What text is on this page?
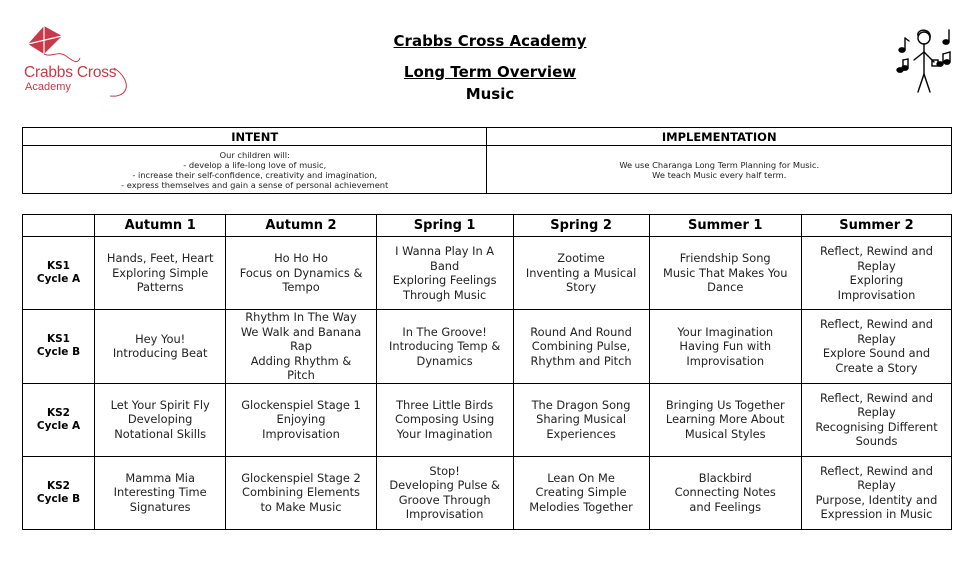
Crabbs Cross
Academy
Crabbs Cross Academy
Long Term Overview
Music
INTENT	IMPLEMENTATION

Our children will:
- develop a life-long love of music,
- increase their self-confidence, creativity and imagination,
- express themselves and gain a sense of personal achievement	We use Charanga Long Term Planning for Music.
We teach Music every half term.
	Autumn 1	Autumn 2	Spring 1	Spring 2	Summer 1	Summer 2

KS1
Cycle A	Hands, Feet, Heart
Exploring Simple
Patterns	Ho Ho Ho
Focus on Dynamics &
Tempo	I Wanna Play In A
Band
Exploring Feelings
Through Music	Zootime
Inventing a Musical
Story	Friendship Song
Music That Makes You
Dance	Reflect, Rewind and
Replay
Exploring
Improvisation

KS1
Cycle B	Hey You!
Introducing Beat	Rhythm In The Way
We Walk and Banana
Rap
Adding Rhythm &
Pitch	In The Groove!
Introducing Temp &
Dynamics	Round And Round
Combining Pulse,
Rhythm and Pitch	Your Imagination
Having Fun with
Improvisation	Reflect, Rewind and
Replay
Explore Sound and
Create a Story

KS2
Cycle A	Let Your Spirit Fly
Developing
Notational Skills	Glockenspiel Stage 1
Enjoying
Improvisation	Three Little Birds
Composing Using
Your Imagination	The Dragon Song
Sharing Musical
Experiences	Bringing Us Together
Learning More About
Musical Styles	Reflect, Rewind and
Replay
Recognising Different
Sounds

KS2
Cycle B	Mamma Mia
Interesting Time
Signatures	Glockenspiel Stage 2
Combining Elements
to Make Music	Stop!
Developing Pulse &
Groove Through
Improvisation	Lean On Me
Creating Simple
Melodies Together	Blackbird
Connecting Notes
and Feelings	Reflect, Rewind and
Replay
Purpose, Identity and
Expression in Music
